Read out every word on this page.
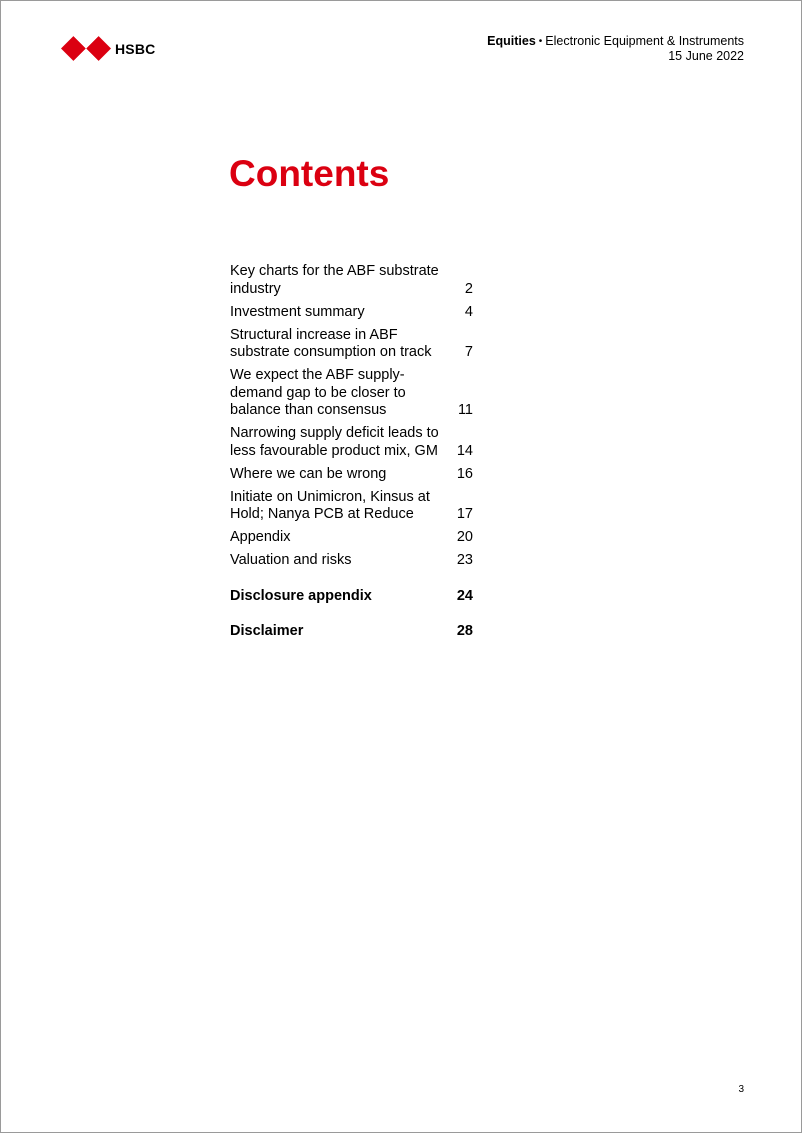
HSBC	Equities • Electronic Equipment & Instruments
15 June 2022
Contents
Key charts for the ABF substrate industry	2
Investment summary	4
Structural increase in ABF substrate consumption on track	7
We expect the ABF supply-demand gap to be closer to balance than consensus	11
Narrowing supply deficit leads to less favourable product mix, GM	14
Where we can be wrong	16
Initiate on Unimicron, Kinsus at Hold; Nanya PCB at Reduce	17
Appendix	20
Valuation and risks	23
Disclosure appendix	24
Disclaimer	28
3
